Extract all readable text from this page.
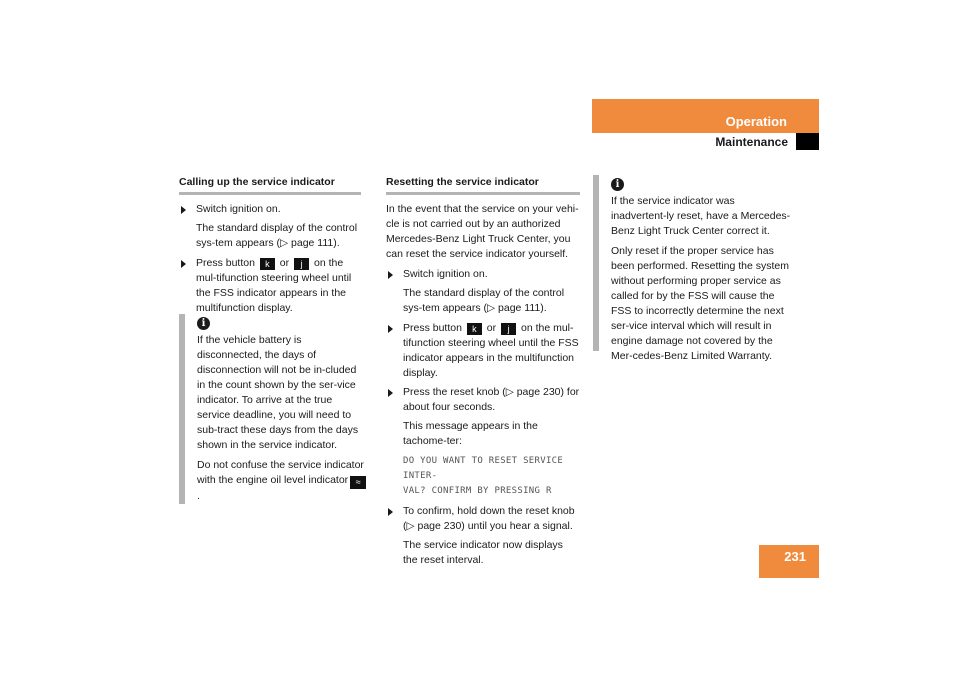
Operation
Maintenance
Calling up the service indicator
Switch ignition on.
The standard display of the control sys-tem appears (▷ page 111).
Press button k or j on the mul-tifunction steering wheel until the FSS indicator appears in the multifunction display.
i
If the vehicle battery is disconnected, the days of disconnection will not be in-cluded in the count shown by the ser-vice indicator. To arrive at the true service deadline, you will need to sub-tract these days from the days shown in the service indicator.
Do not confuse the service indicator with the engine oil level indicator ≈.
Resetting the service indicator
In the event that the service on your vehi-cle is not carried out by an authorized Mercedes-Benz Light Truck Center, you can reset the service indicator yourself.
Switch ignition on.
The standard display of the control sys-tem appears (▷ page 111).
Press button k or j on the mul-tifunction steering wheel until the FSS indicator appears in the multifunction display.
Press the reset knob (▷ page 230) for about four seconds.
This message appears in the tachome-ter:
DO YOU WANT TO RESET SERVICE INTER-
VAL? CONFIRM BY PRESSING R
To confirm, hold down the reset knob (▷ page 230) until you hear a signal.
The service indicator now displays the reset interval.
i
If the service indicator was inadvertent-ly reset, have a Mercedes-Benz Light Truck Center correct it.
Only reset if the proper service has been performed. Resetting the system without performing proper service as called for by the FSS will cause the FSS to incorrectly determine the next ser-vice interval which will result in engine damage not covered by the Mer-cedes-Benz Limited Warranty.
231
